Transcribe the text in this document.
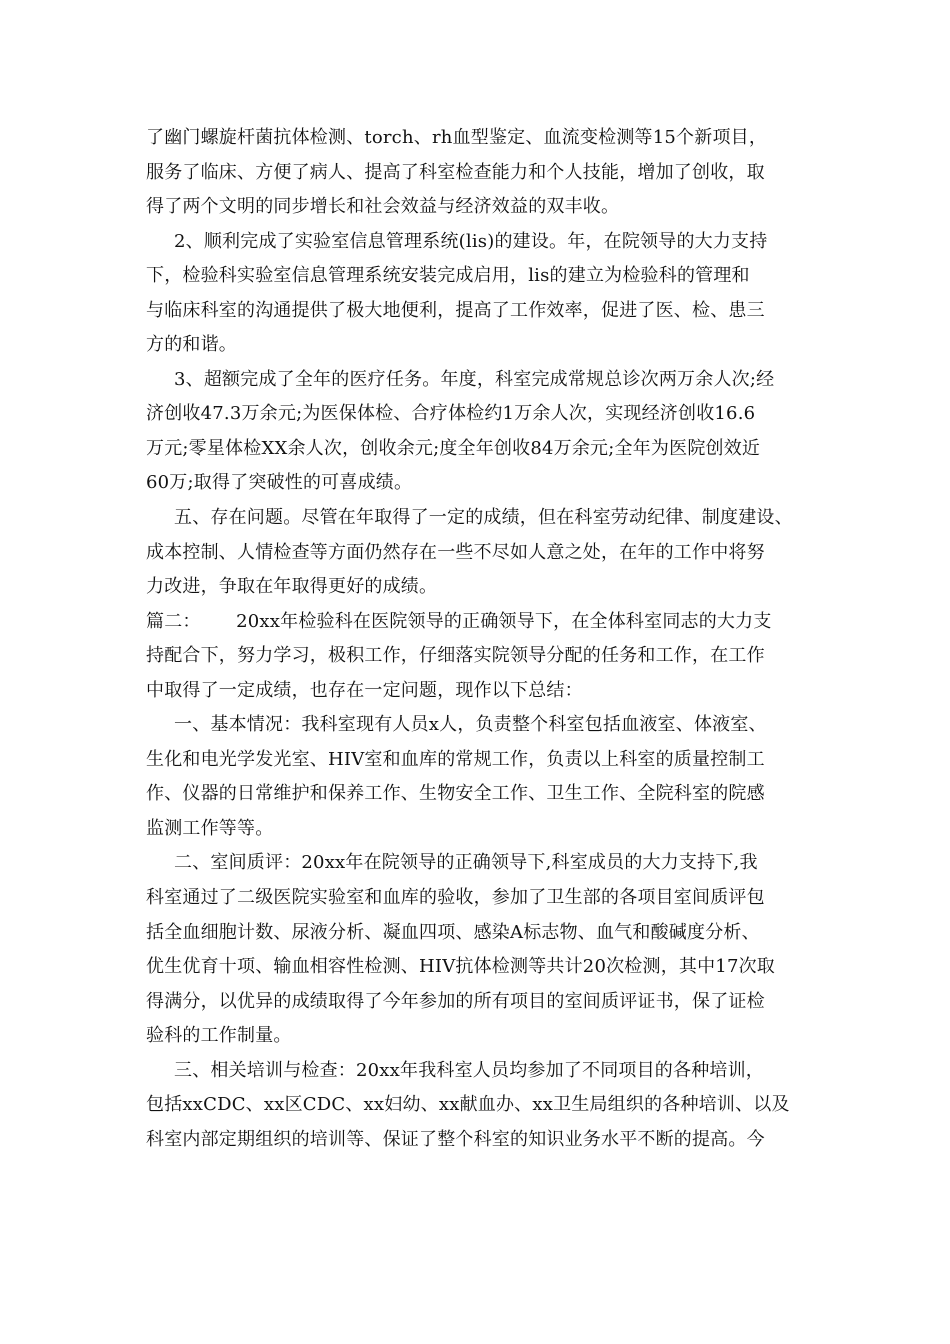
了幽门螺旋杆菌抗体检测、torch、rh血型鉴定、血流变检测等15个新项目，
服务了临床、方便了病人、提高了科室检查能力和个人技能，增加了创收，取
得了两个文明的同步增长和社会效益与经济效益的双丰收。
2、顺利完成了实验室信息管理系统(lis)的建设。年，在院领导的大力支持
下，检验科实验室信息管理系统安装完成启用，lis的建立为检验科的管理和
与临床科室的沟通提供了极大地便利，提高了工作效率，促进了医、检、患三
方的和谐。
3、超额完成了全年的医疗任务。年度，科室完成常规总诊次两万余人次;经
济创收47.3万余元;为医保体检、合疗体检约1万余人次，实现经济创收16.6
万元;零星体检XX余人次，创收余元;度全年创收84万余元;全年为医院创效近
60万;取得了突破性的可喜成绩。
五、存在问题。尽管在年取得了一定的成绩，但在科室劳动纪律、制度建设、
成本控制、人情检查等方面仍然存在一些不尽如人意之处，在年的工作中将努
力改进，争取在年取得更好的成绩。
篇二：      20xx年检验科在医院领导的正确领导下，在全体科室同志的大力支
持配合下，努力学习，极积工作，仔细落实院领导分配的任务和工作，在工作
中取得了一定成绩，也存在一定问题，现作以下总结：
一、基本情况：我科室现有人员x人，负责整个科室包括血液室、体液室、
生化和电光学发光室、HIV室和血库的常规工作，负责以上科室的质量控制工
作、仪器的日常维护和保养工作、生物安全工作、卫生工作、全院科室的院感
监测工作等等。
二、室间质评：20xx年在院领导的正确领导下,科室成员的大力支持下,我
科室通过了二级医院实验室和血库的验收，参加了卫生部的各项目室间质评包
括全血细胞计数、尿液分析、凝血四项、感染A标志物、血气和酸碱度分析、
优生优育十项、输血相容性检测、HIV抗体检测等共计20次检测，其中17次取
得满分，以优异的成绩取得了今年参加的所有项目的室间质评证书，保了证检
验科的工作制量。
三、相关培训与检查：20xx年我科室人员均参加了不同项目的各种培训，
包括xxCDC、xx区CDC、xx妇幼、xx献血办、xx卫生局组织的各种培训、以及
科室内部定期组织的培训等、保证了整个科室的知识业务水平不断的提高。今
